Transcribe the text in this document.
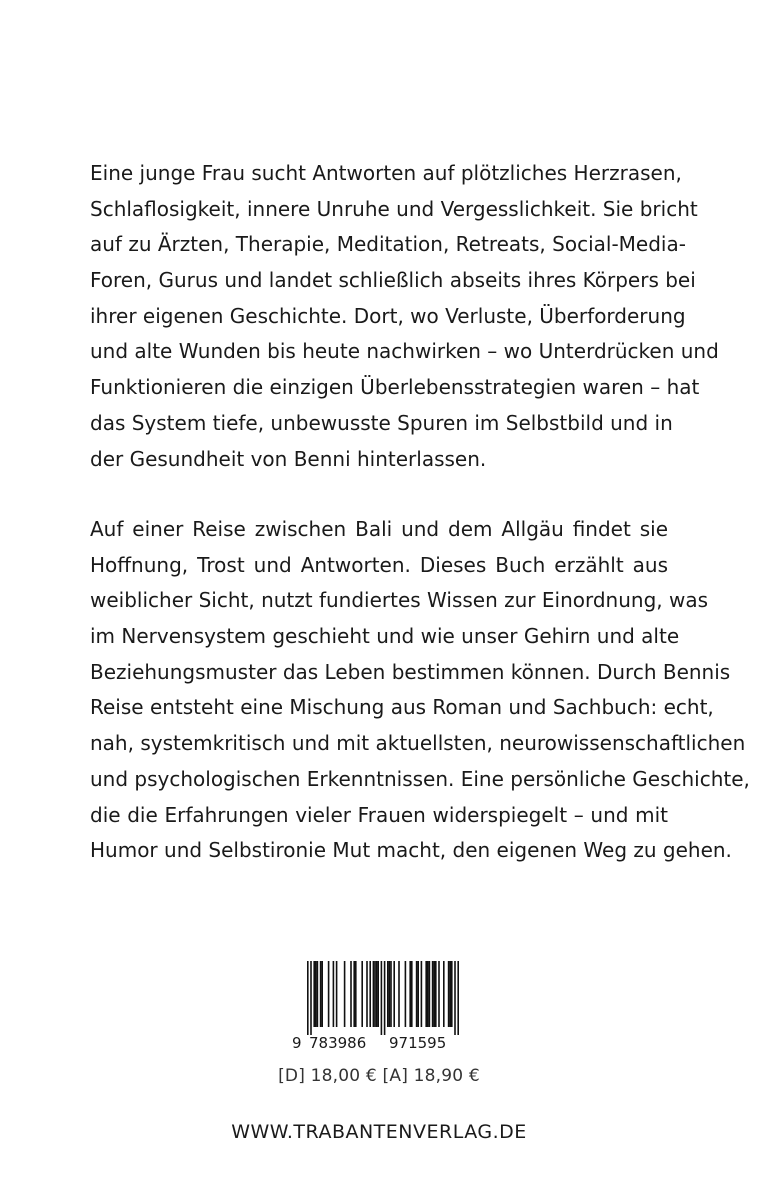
Eine junge Frau sucht Antworten auf plötzliches Herzrasen,
Schlaflosigkeit, innere Unruhe und Vergesslichkeit. Sie bricht
auf zu Ärzten, Therapie, Meditation, Retreats, Social-Media-
Foren, Gurus und landet schließlich abseits ihres Körpers bei
ihrer eigenen Geschichte. Dort, wo Verluste, Überforderung
und alte Wunden bis heute nachwirken – wo Unterdrücken und
Funktionieren die einzigen Überlebensstrategien waren – hat
das System tiefe, unbewusste Spuren im Selbstbild und in
der Gesundheit von Benni hinterlassen.
Auf einer Reise zwischen Bali und dem Allgäu findet sie
Hoffnung, Trost und Antworten. Dieses Buch erzählt aus
weiblicher Sicht, nutzt fundiertes Wissen zur Einordnung, was
im Nervensystem geschieht und wie unser Gehirn und alte
Beziehungsmuster das Leben bestimmen können. Durch Bennis
Reise entsteht eine Mischung aus Roman und Sachbuch: echt,
nah, systemkritisch und mit aktuellsten, neurowissenschaftlichen
und psychologischen Erkenntnissen. Eine persönliche Geschichte,
die die Erfahrungen vieler Frauen widerspiegelt – und mit
Humor und Selbstironie Mut macht, den eigenen Weg zu gehen.
9 783986 971595
[D] 18,00 € [A] 18,90 €
WWW.TRABANTENVERLAG.DE
